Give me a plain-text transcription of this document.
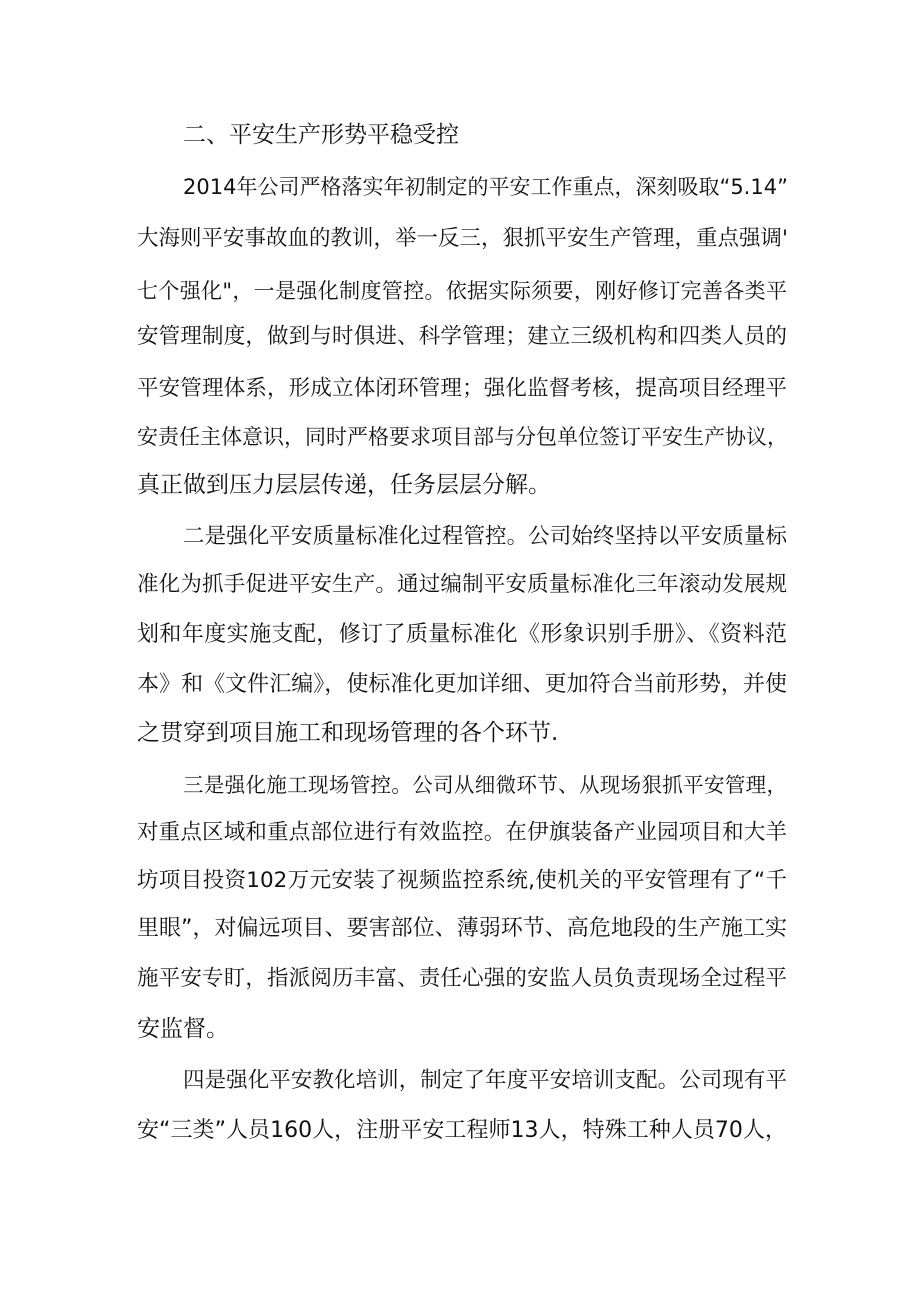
二、平安生产形势平稳受控
2014年公司严格落实年初制定的平安工作重点，深刻吸取“5.14”
大海则平安事故血的教训，举一反三，狠抓平安生产管理，重点强调'
七个强化"，一是强化制度管控。依据实际须要，刚好修订完善各类平
安管理制度，做到与时俱进、科学管理；建立三级机构和四类人员的
平安管理体系，形成立体闭环管理；强化监督考核，提高项目经理平
安责任主体意识，同时严格要求项目部与分包单位签订平安生产协议，
真正做到压力层层传递，任务层层分解。
二是强化平安质量标准化过程管控。公司始终坚持以平安质量标
准化为抓手促进平安生产。通过编制平安质量标准化三年滚动发展规
划和年度实施支配，修订了质量标准化《形象识别手册》、《资料范
本》和《文件汇编》，使标准化更加详细、更加符合当前形势，并使
之贯穿到项目施工和现场管理的各个环节.
三是强化施工现场管控。公司从细微环节、从现场狠抓平安管理，
对重点区域和重点部位进行有效监控。在伊旗装备产业园项目和大羊
坊项目投资102万元安装了视频监控系统,使机关的平安管理有了“千
里眼”，对偏远项目、要害部位、薄弱环节、高危地段的生产施工实
施平安专盯，指派阅历丰富、责任心强的安监人员负责现场全过程平
安监督。
四是强化平安教化培训，制定了年度平安培训支配。公司现有平
安“三类”人员160人，注册平安工程师13人，特殊工种人员70人，
